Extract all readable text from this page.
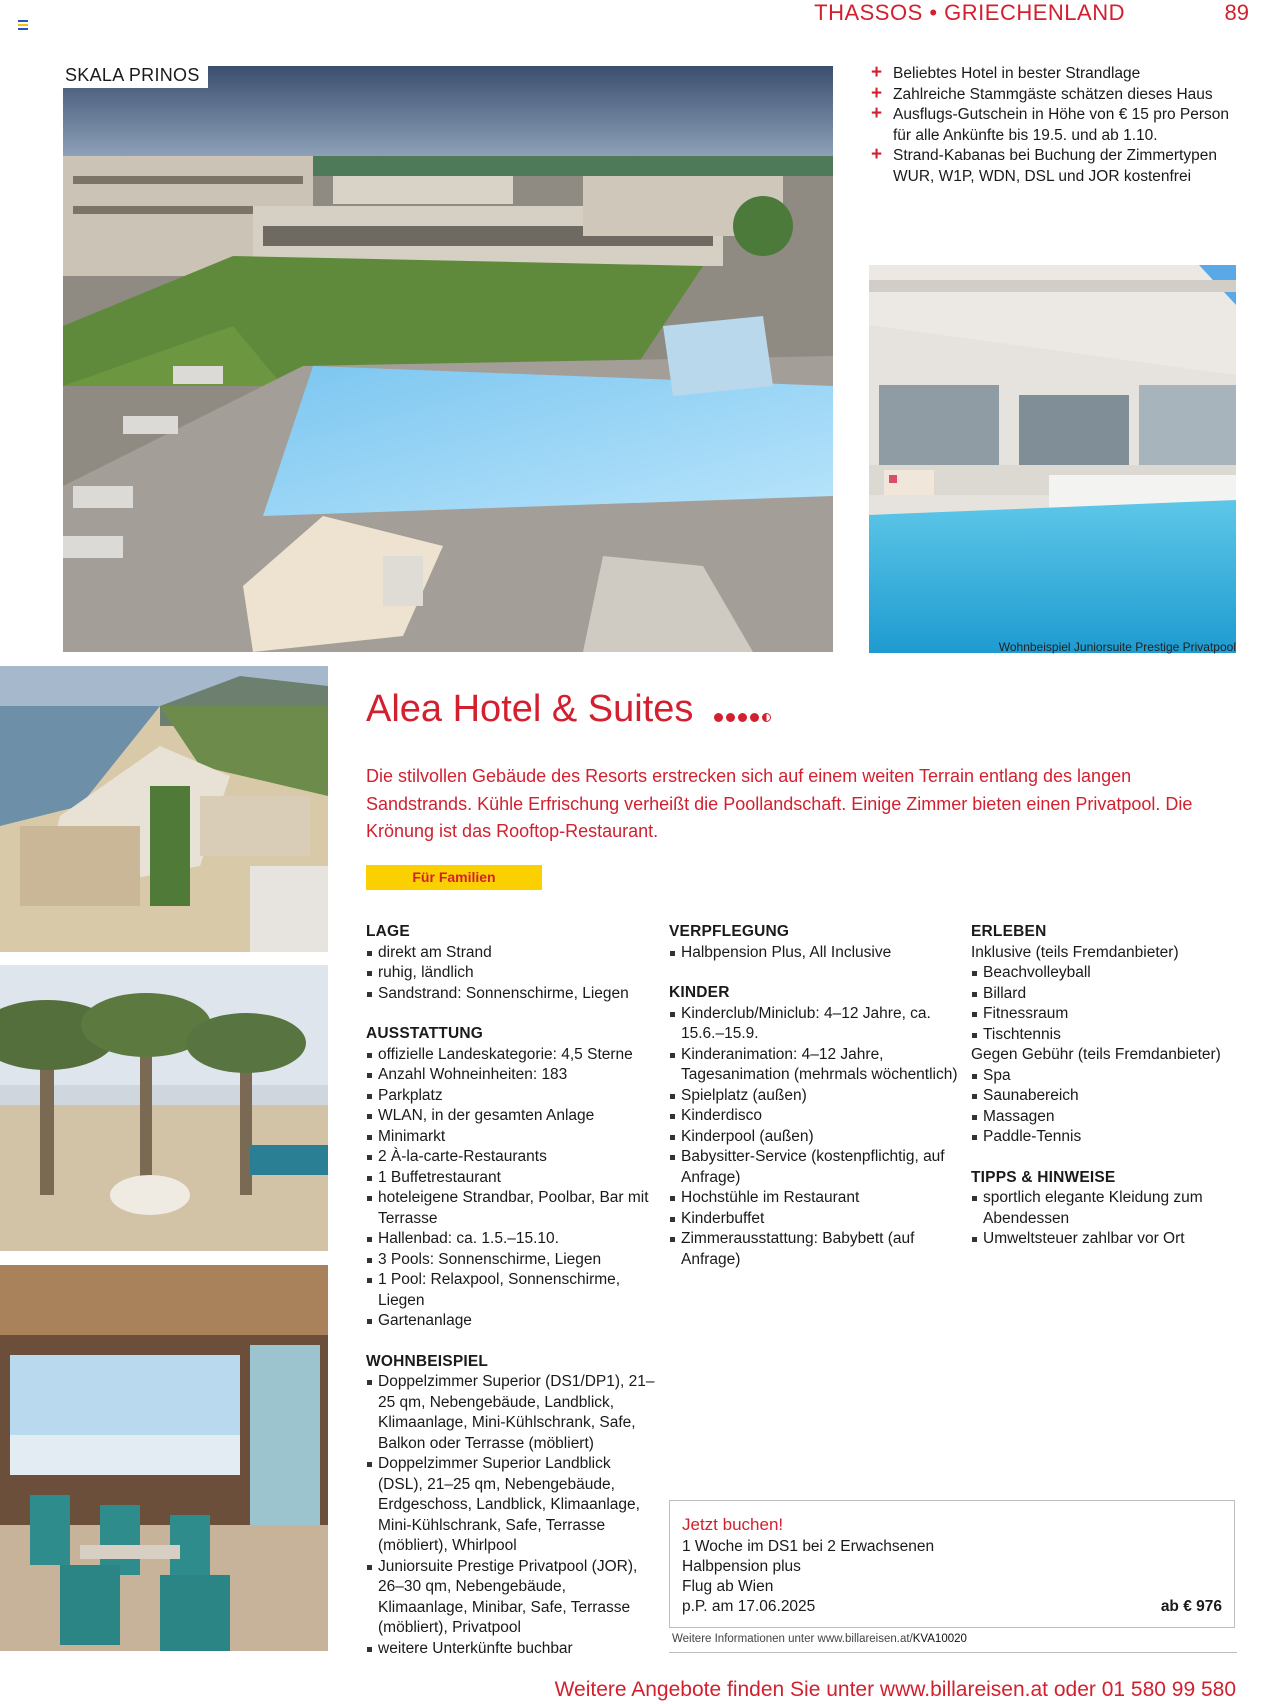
THASSOS • GRIECHENLAND	89
SKALA PRINOS	+ Beliebtes Hotel in bester Strandlage
+ Zahlreiche Stammgäste schätzen dieses Haus
+ Ausflugs-Gutschein in Höhe von € 15 pro Person für alle Ankünfte bis 19.5. und ab 1.10.
+ Strand-Kabanas bei Buchung der Zimmertypen WUR, W1P, WDN, DSL und JOR kostenfrei
Wohnbeispiel Juniorsuite Prestige Privatpool
Alea Hotel & Suites
Die stilvollen Gebäude des Resorts erstrecken sich auf einem weiten Terrain entlang des langen Sandstrands. Kühle Erfrischung verheißt die Poollandschaft. Einige Zimmer bieten einen Privatpool. Die Krönung ist das Rooftop-Restaurant.
Für Familien
LAGE
direkt am Strand
ruhig, ländlich
Sandstrand: Sonnenschirme, Liegen
AUSSTATTUNG
offizielle Landeskategorie: 4,5 Sterne
Anzahl Wohneinheiten: 183
Parkplatz
WLAN, in der gesamten Anlage
Minimarkt
2 À-la-carte-Restaurants
1 Buffetrestaurant
hoteleigene Strandbar, Poolbar, Bar mit Terrasse
Hallenbad: ca. 1.5.–15.10.
3 Pools: Sonnenschirme, Liegen
1 Pool: Relaxpool, Sonnenschirme, Liegen
Gartenanlage
WOHNBEISPIEL
Doppelzimmer Superior (DS1/DP1), 21–25 qm, Nebengebäude, Landblick, Klimaanlage, Mini-Kühlschrank, Safe, Balkon oder Terrasse (möbliert)
Doppelzimmer Superior Landblick (DSL), 21–25 qm, Nebengebäude, Erdgeschoss, Landblick, Klimaanlage, Mini-Kühlschrank, Safe, Terrasse (möbliert), Whirlpool
Juniorsuite Prestige Privatpool (JOR), 26–30 qm, Nebengebäude, Klimaanlage, Minibar, Safe, Terrasse (möbliert), Privatpool
weitere Unterkünfte buchbar
VERPFLEGUNG
Halbpension Plus, All Inclusive
KINDER
Kinderclub/Miniclub: 4–12 Jahre, ca. 15.6.–15.9.
Kinderanimation: 4–12 Jahre, Tagesanimation (mehrmals wöchentlich)
Spielplatz (außen)
Kinderdisco
Kinderpool (außen)
Babysitter-Service (kostenpflichtig, auf Anfrage)
Hochstühle im Restaurant
Kinderbuffet
Zimmerausstattung: Babybett (auf Anfrage)
ERLEBEN
Inklusive (teils Fremdanbieter)
Beachvolleyball
Billard
Fitnessraum
Tischtennis
Gegen Gebühr (teils Fremdanbieter)
Spa
Saunabereich
Massagen
Paddle-Tennis
TIPPS & HINWEISE
sportlich elegante Kleidung zum Abendessen
Umweltsteuer zahlbar vor Ort
Jetzt buchen!
1 Woche im DS1 bei 2 Erwachsenen
Halbpension plus
Flug ab Wien
p.P. am 17.06.2025	ab € 976
Weitere Informationen unter www.billareisen.at/KVA10020
Weitere Angebote finden Sie unter www.billareisen.at oder 01 580 99 580
